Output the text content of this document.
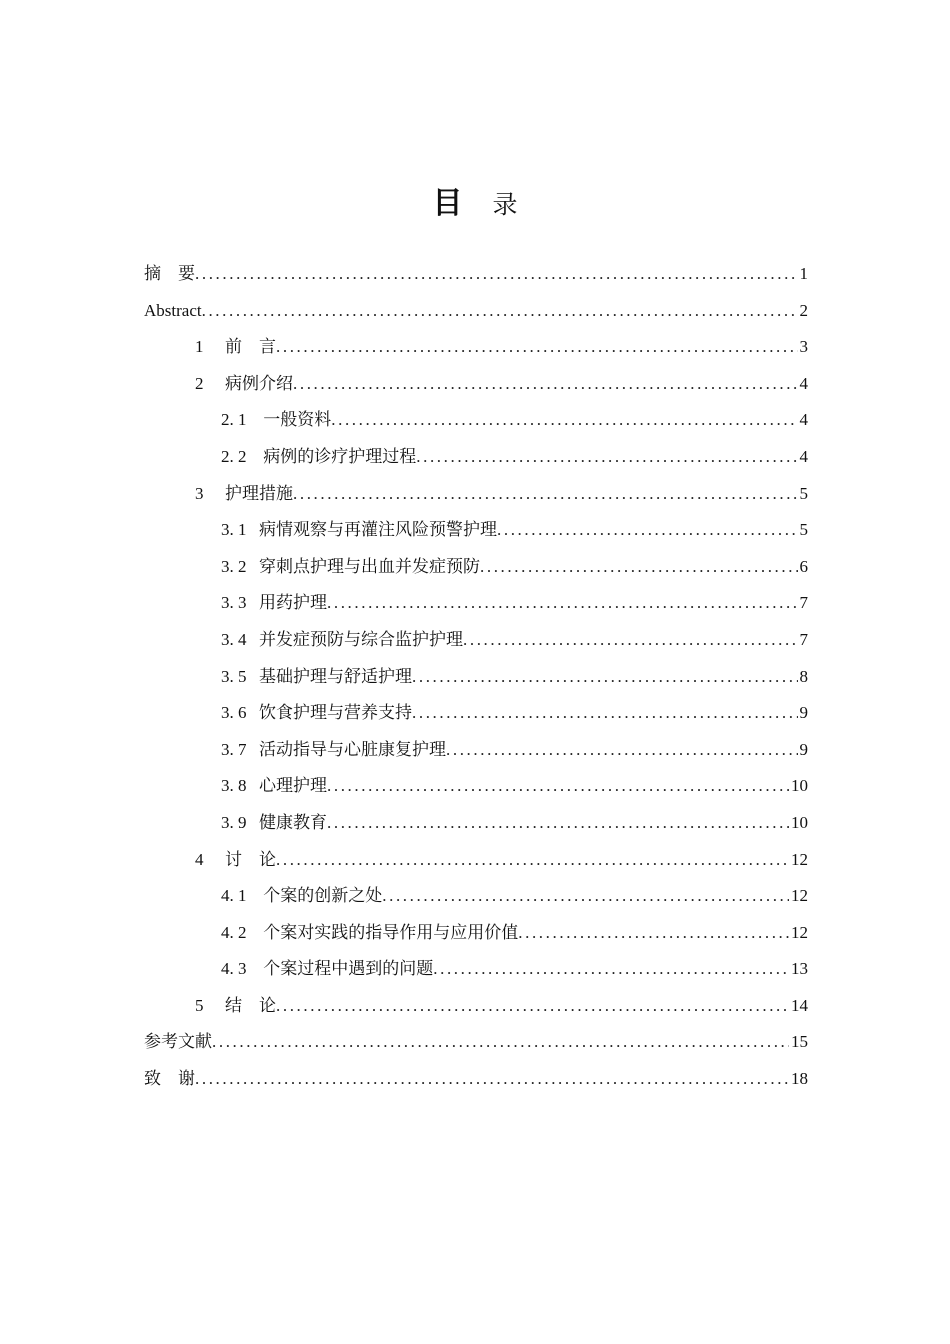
目 录
摘　要 .....	1
Abstract .....	2
1	前　言 .....	3
2	病例介绍 .....	4
2. 1 一般资料 .....	4
2. 2 病例的诊疗护理过程 .....	4
3	护理措施 .....	5
3. 1 病情观察与再灌注风险预警护理 .....	5
3. 2 穿刺点护理与出血并发症预防 .....	6
3. 3 用药护理 .....	7
3. 4 并发症预防与综合监护护理 .....	7
3. 5 基础护理与舒适护理 .....	8
3. 6 饮食护理与营养支持 .....	9
3. 7 活动指导与心脏康复护理 .....	9
3. 8 心理护理 .....	10
3. 9 健康教育 .....	10
4	讨　论 .....	12
4. 1 个案的创新之处 .....	12
4. 2 个案对实践的指导作用与应用价值 .....	12
4. 3 个案过程中遇到的问题 .....	13
5	结　论 .....	14
参考文献 .....	15
致　谢 .....	18
